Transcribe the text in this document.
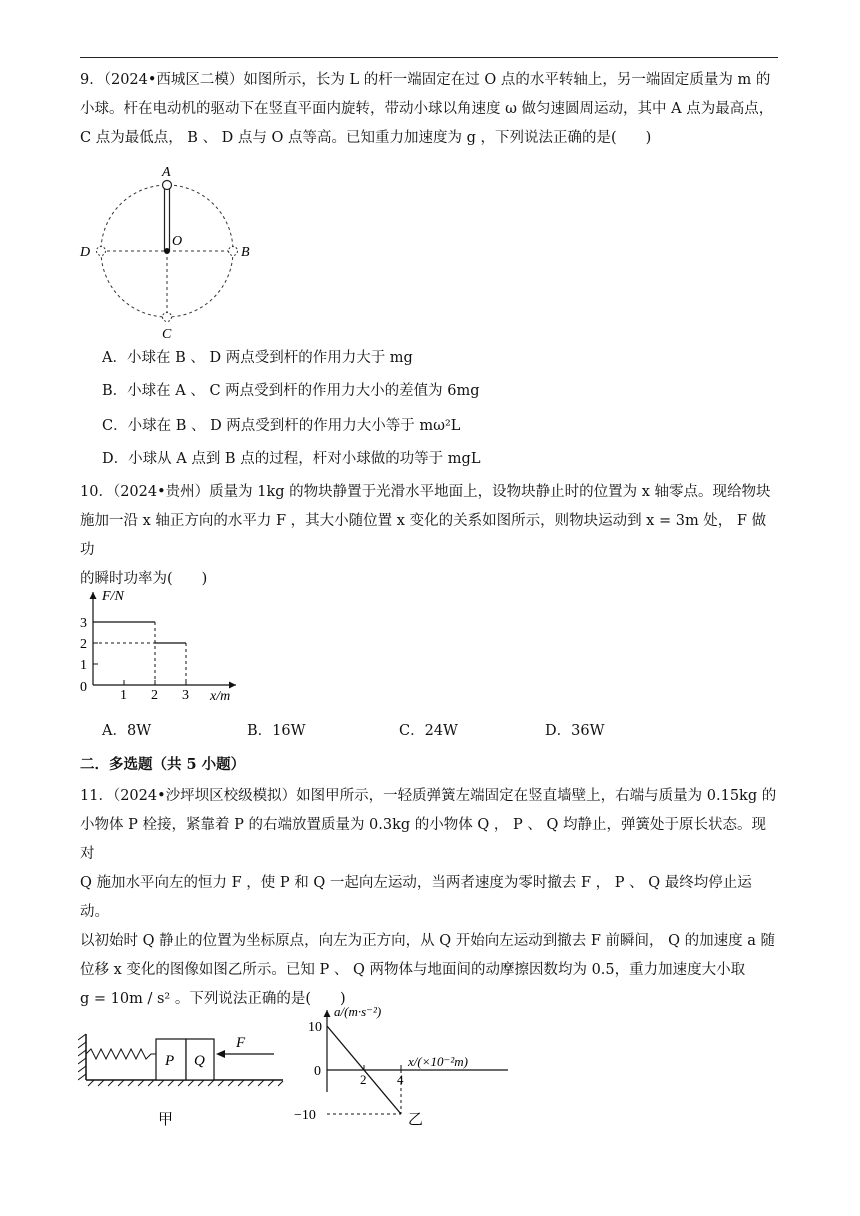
9．（2024•西城区二模）如图所示，长为 L 的杆一端固定在过 O 点的水平转轴上，另一端固定质量为 m 的
小球。杆在电动机的驱动下在竖直平面内旋转，带动小球以角速度 ω 做匀速圆周运动，其中 A 点为最高点，
C 点为最低点， B 、 D 点与 O 点等高。已知重力加速度为 g ，下列说法正确的是(　　)
A
B
C
D
O
A．小球在 B 、 D 两点受到杆的作用力大于 mg
B．小球在 A 、 C 两点受到杆的作用力大小的差值为 6mg
C．小球在 B 、 D 两点受到杆的作用力大小等于 mω²L
D．小球从 A 点到 B 点的过程，杆对小球做的功等于 mgL
10．（2024•贵州）质量为 1kg 的物块静置于光滑水平地面上，设物块静止时的位置为 x 轴零点。现给物块
施加一沿 x 轴正方向的水平力 F ，其大小随位置 x 变化的关系如图所示，则物块运动到 x = 3m 处， F 做功
的瞬时功率为(　　)
F/N
x/m
0
1 2 3
1
2
3
A．8W	B．16W	C．24W	D．36W
二．多选题（共 5 小题）
11．（2024•沙坪坝区校级模拟）如图甲所示，一轻质弹簧左端固定在竖直墙壁上，右端与质量为 0.15kg 的
小物体 P 栓接，紧靠着 P 的右端放置质量为 0.3kg 的小物体 Q ， P 、 Q 均静止，弹簧处于原长状态。现对
Q 施加水平向左的恒力 F ，使 P 和 Q 一起向左运动，当两者速度为零时撤去 F ， P 、 Q 最终均停止运动。
以初始时 Q 静止的位置为坐标原点，向左为正方向，从 Q 开始向左运动到撤去 F 前瞬间， Q 的加速度 a 随
位移 x 变化的图像如图乙所示。已知 P 、 Q 两物体与地面间的动摩擦因数均为 0.5，重力加速度大小取
g = 10m / s² 。下列说法正确的是(　　)
P Q
F
甲
a/(m·s⁻²)
x/(×10⁻²m)
10
0
−10
2 4
乙
